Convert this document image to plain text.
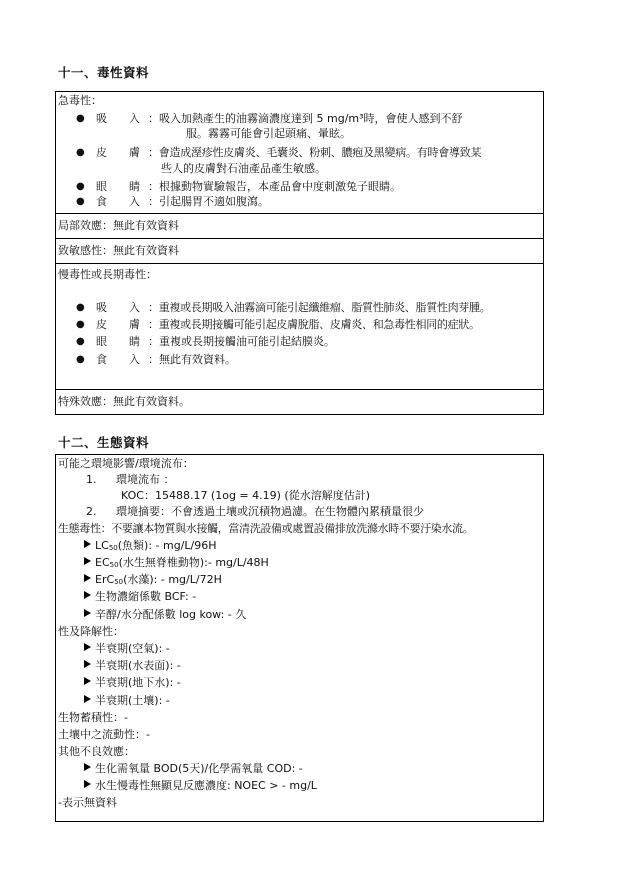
十一、毒性資料
急毒性：
● 吸　　入 ：吸入加熱產生的油霧滴濃度達到 5 mg/m³時，會使人感到不舒
服。霧霧可能會引起頭痛、暈眩。
● 皮　　膚 ：會造成溼疹性皮膚炎、毛囊炎、粉刺、膿疱及黑變病。有時會導致某
些人的皮膚對石油產品產生敏感。
● 眼　　睛 ：根據動物實驗報告，本產品會中度刺激兔子眼睛。
● 食　　入 ：引起腸胃不適如腹瀉。
局部效應：無此有效資料
致敏感性：無此有效資料
慢毒性或長期毒性：
● 吸　　入 ：重複或長期吸入油霧滴可能引起纖維瘤、脂質性肺炎、脂質性肉芽腫。
● 皮　　膚 ：重複或長期接觸可能引起皮膚脫脂、皮膚炎、和急毒性相同的症狀。
● 眼　　睛 ：重複或長期接觸油可能引起結膜炎。
● 食　　入 ：無此有效資料。
特殊效應：無此有效資料。
十二、生態資料
可能之環境影響/環境流布：
1. 環境流布 ：
KOC：15488.17 (1og = 4.19) (從水溶解度估計)
2. 環境摘要：不會透過土壤或沉積物過濾。在生物體內累積量很少
生態毒性：不要讓本物質與水接觸，當清洗設備或處置設備排放洗滌水時不要汙染水流。
$LC_{50}$(魚類): - mg/L/96H
$EC_{50}$(水生無脊椎動物):- mg/L/48H
ErC$_{50}$(水藻): - mg/L/72H
生物濃縮係數 BCF: -
辛醇/水分配係數 log kow: - 久
性及降解性：
半衰期(空氣): -
半衰期(水表面): -
半衰期(地下水): -
半衰期(土壤): -
生物蓄積性：-
土壤中之流動性：-
其他不良效應：
生化需氧量 BOD(5天)/化學需氧量 COD: -
水生慢毒性無顯見反應濃度: NOEC > - mg/L
-表示無資料
